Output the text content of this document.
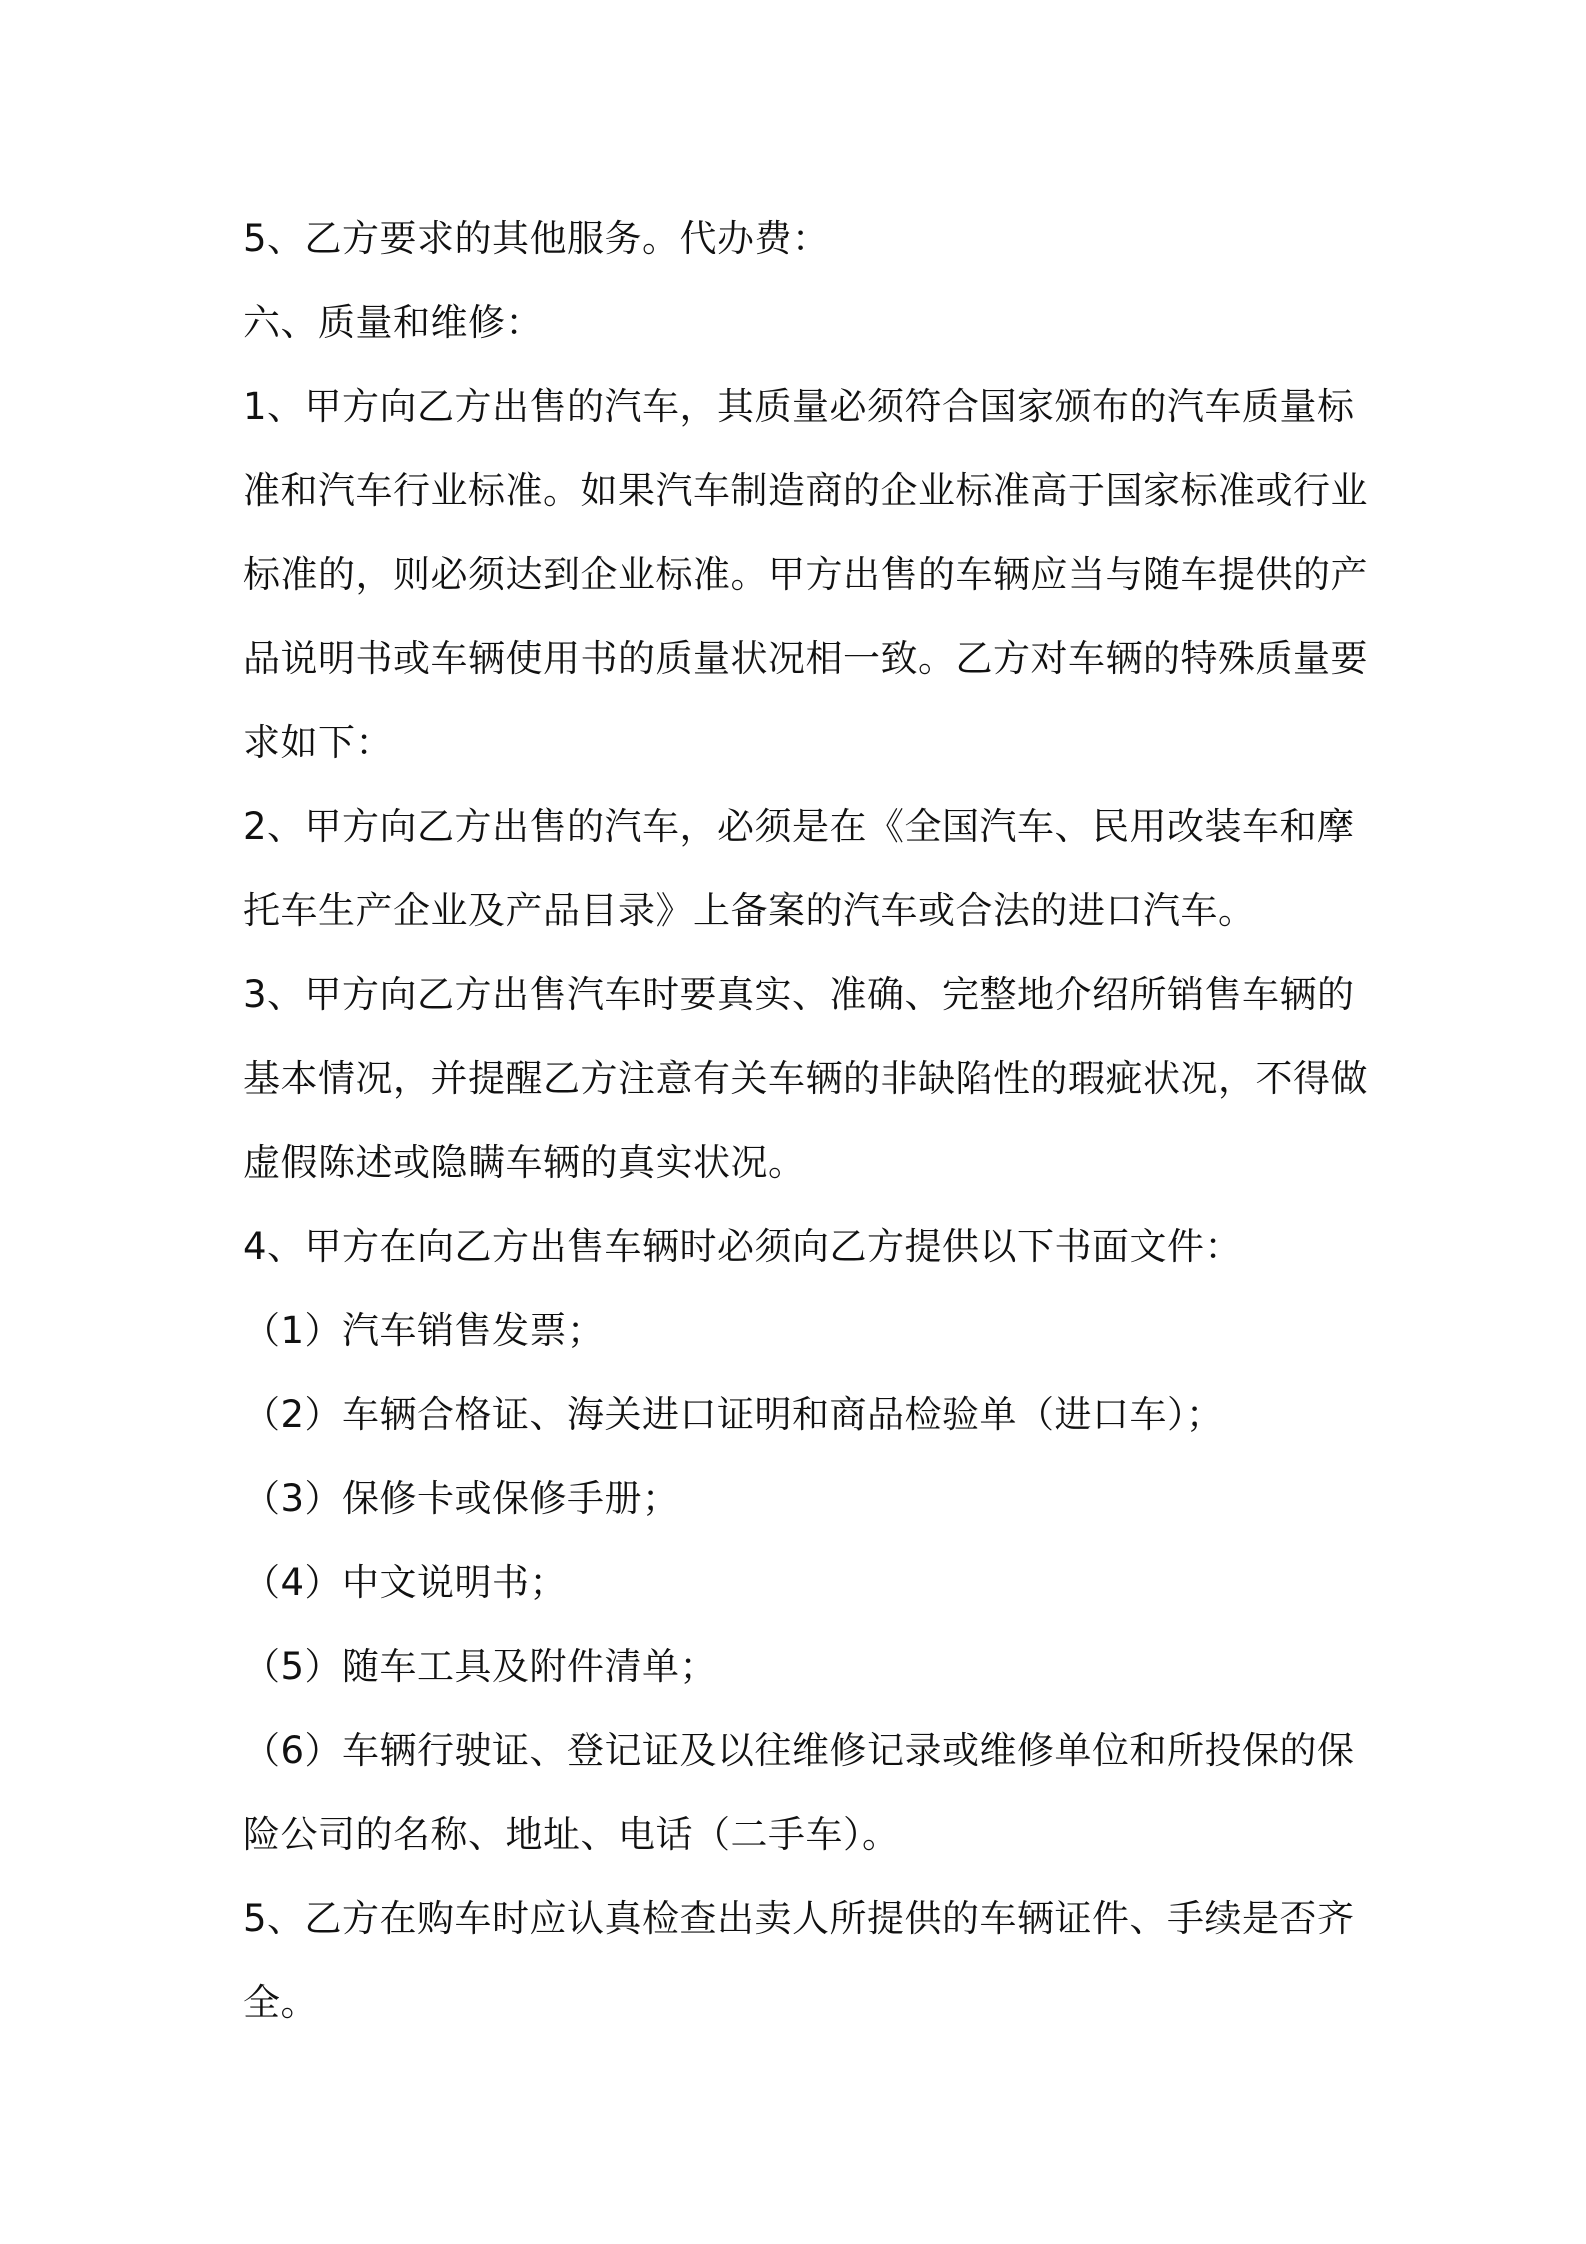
5、乙方要求的其他服务。代办费：
六、质量和维修：
1、甲方向乙方出售的汽车，其质量必须符合国家颁布的汽车质量标
准和汽车行业标准。如果汽车制造商的企业标准高于国家标准或行业
标准的，则必须达到企业标准。甲方出售的车辆应当与随车提供的产
品说明书或车辆使用书的质量状况相一致。乙方对车辆的特殊质量要
求如下：
2、甲方向乙方出售的汽车，必须是在《全国汽车、民用改装车和摩
托车生产企业及产品目录》上备案的汽车或合法的进口汽车。
3、甲方向乙方出售汽车时要真实、准确、完整地介绍所销售车辆的
基本情况，并提醒乙方注意有关车辆的非缺陷性的瑕疵状况，不得做
虚假陈述或隐瞒车辆的真实状况。
4、甲方在向乙方出售车辆时必须向乙方提供以下书面文件：
（1）汽车销售发票；
（2）车辆合格证、海关进口证明和商品检验单（进口车）；
（3）保修卡或保修手册；
（4）中文说明书；
（5）随车工具及附件清单；
（6）车辆行驶证、登记证及以往维修记录或维修单位和所投保的保
险公司的名称、地址、电话（二手车）。
5、乙方在购车时应认真检查出卖人所提供的车辆证件、手续是否齐
全。
